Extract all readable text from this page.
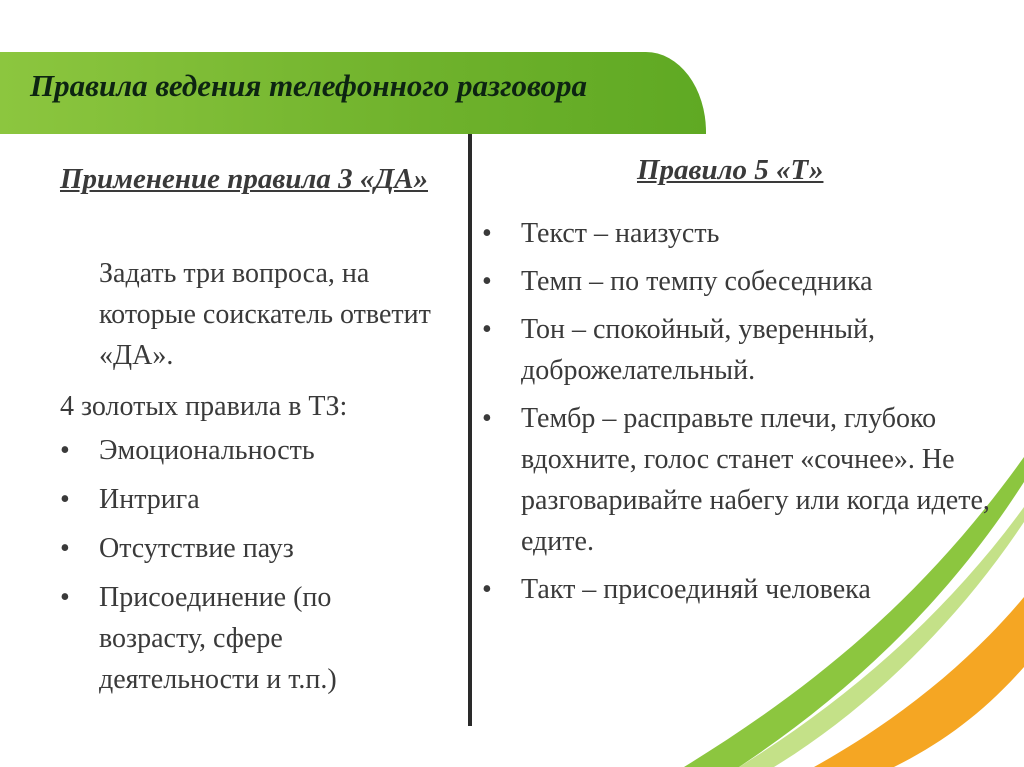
Правила ведения телефонного разговора
Применение правила 3 «ДА»
Задать три вопроса, на которые соискатель ответит «ДА».
4 золотых правила в ТЗ:
•	Эмоциональность
•	Интрига
•	Отсутствие пауз
•	Присоединение (по возрасту, сфере деятельности и т.п.)
Правило 5 «Т»
•	Текст – наизусть
•	Темп – по темпу собеседника
•	Тон – спокойный, уверенный, доброжелательный.
•	Тембр – расправьте плечи, глубоко вдохните, голос станет «сочнее». Не разговаривайте набегу или когда идете, едите.
•	Такт – присоединяй человека
